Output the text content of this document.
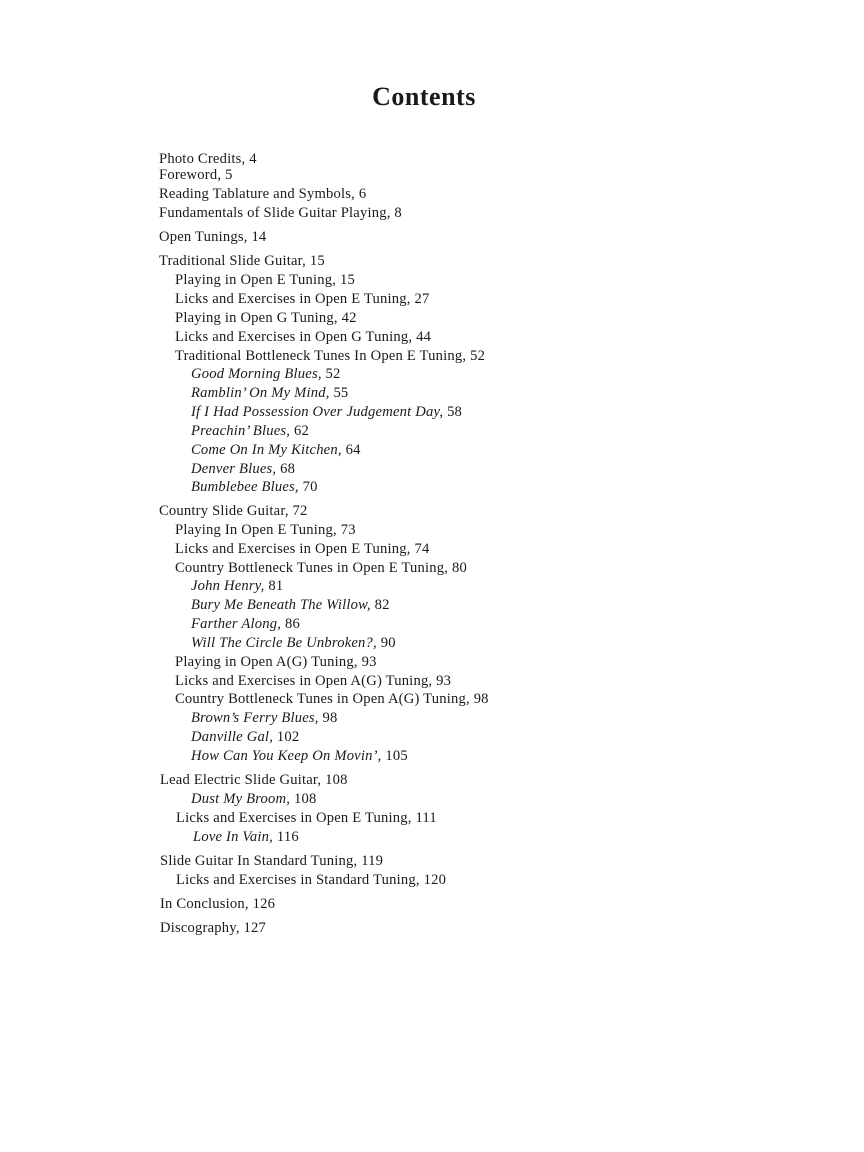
Contents
Photo Credits, 4
Foreword, 5
Reading Tablature and Symbols, 6
Fundamentals of Slide Guitar Playing, 8
Open Tunings, 14
Traditional Slide Guitar, 15
Playing in Open E Tuning, 15
Licks and Exercises in Open E Tuning, 27
Playing in Open G Tuning, 42
Licks and Exercises in Open G Tuning, 44
Traditional Bottleneck Tunes In Open E Tuning, 52
Good Morning Blues, 52
Ramblin’ On My Mind, 55
If I Had Possession Over Judgement Day, 58
Preachin’ Blues, 62
Come On In My Kitchen, 64
Denver Blues, 68
Bumblebee Blues, 70
Country Slide Guitar, 72
Playing In Open E Tuning, 73
Licks and Exercises in Open E Tuning, 74
Country Bottleneck Tunes in Open E Tuning, 80
John Henry, 81
Bury Me Beneath The Willow, 82
Farther Along, 86
Will The Circle Be Unbroken?, 90
Playing in Open A(G) Tuning, 93
Licks and Exercises in Open A(G) Tuning, 93
Country Bottleneck Tunes in Open A(G) Tuning, 98
Brown’s Ferry Blues, 98
Danville Gal, 102
How Can You Keep On Movin’, 105
Lead Electric Slide Guitar, 108
Dust My Broom, 108
Licks and Exercises in Open E Tuning, 111
Love In Vain, 116
Slide Guitar In Standard Tuning, 119
Licks and Exercises in Standard Tuning, 120
In Conclusion, 126
Discography, 127
